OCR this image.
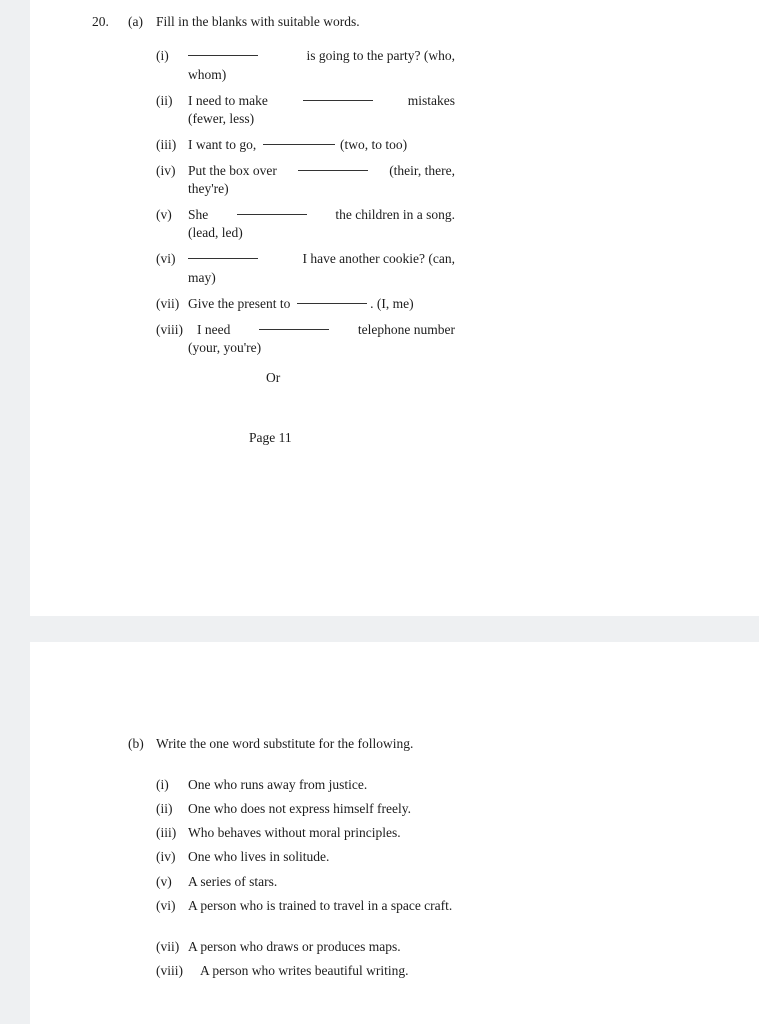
20. (a) Fill in the blanks with suitable words.
(i)	is going to the party? (who,
whom)
(ii) I need to make	mistakes
(fewer, less)
(iii) I want to go,	(two, to too)
(iv) Put the box over	(their, there,
they're)
(v) She	the children in a song.
(lead, led)
(vi)	I have another cookie? (can,
may)
(vii) Give the present to	. (I, me)
(viii) I need	telephone number
(your, you're)
Or
Page 11
(b) Write the one word substitute for the following.
(i) One who runs away from justice.
(ii) One who does not express himself freely.
(iii) Who behaves without moral principles.
(iv) One who lives in solitude.
(v) A series of stars.
(vi) A person who is trained to travel in a space craft.
(vii) A person who draws or produces maps.
(viii) A person who writes beautiful writing.
